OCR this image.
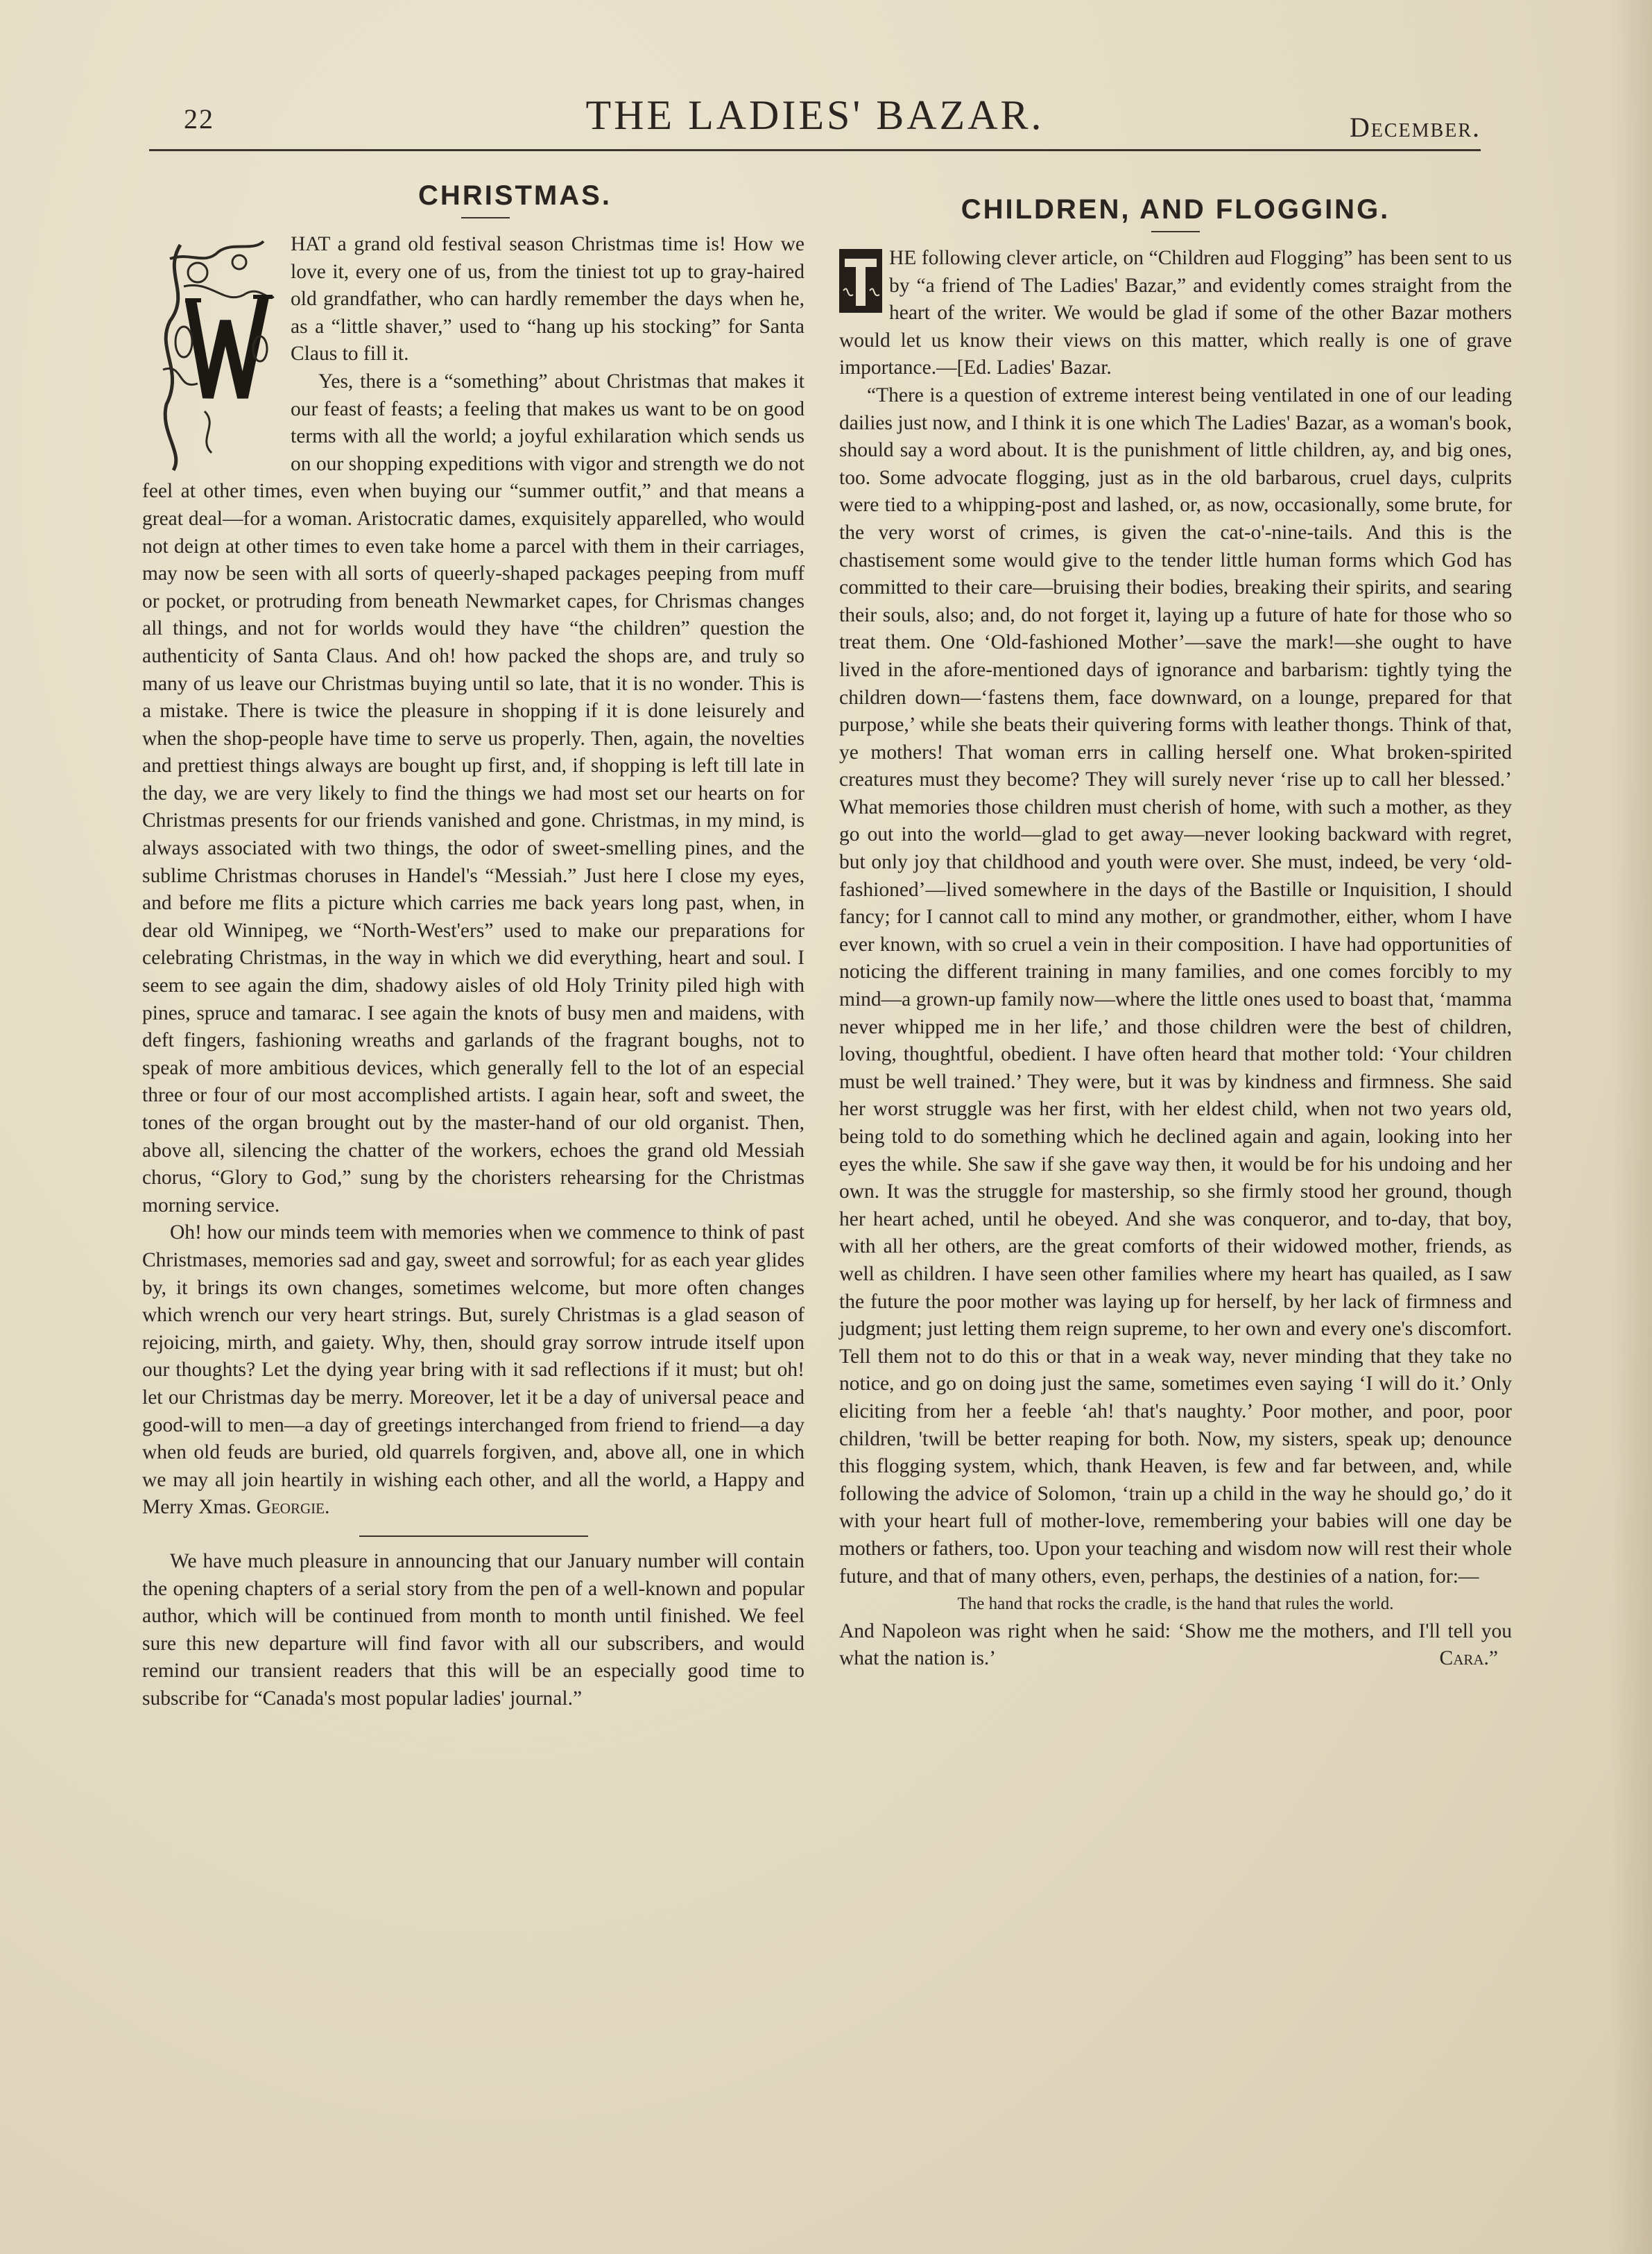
22	THE LADIES' BAZAR.	December.
CHRISTMAS.

HAT a grand old festival season Christmas time is! How we love it, every one of us, from the tiniest tot up to gray-haired old grandfather, who can hardly remember the days when he, as a “little shaver,” used to “hang up his stocking” for Santa Claus to fill it.

Yes, there is a “something” about Christmas that makes it our feast of feasts; a feeling that makes us want to be on good terms with all the world; a joyful exhilaration which sends us on our shopping expeditions with vigor and strength we do not feel at other times, even when buying our “summer outfit,” and that means a great deal—for a woman. Aristocratic dames, exquisitely apparelled, who would not deign at other times to even take home a parcel with them in their carriages, may now be seen with all sorts of queerly-shaped packages peeping from muff or pocket, or protruding from beneath Newmarket capes, for Chrismas changes all things, and not for worlds would they have “the children” question the authenticity of Santa Claus. And oh! how packed the shops are, and truly so many of us leave our Christmas buying until so late, that it is no wonder. This is a mistake. There is twice the pleasure in shopping if it is done leisurely and when the shop-people have time to serve us properly. Then, again, the novelties and prettiest things always are bought up first, and, if shopping is left till late in the day, we are very likely to find the things we had most set our hearts on for Christmas presents for our friends vanished and gone. Christmas, in my mind, is always associated with two things, the odor of sweet-smelling pines, and the sublime Christmas choruses in Handel's “Messiah.” Just here I close my eyes, and before me flits a picture which carries me back years long past, when, in dear old Winnipeg, we “North-West'ers” used to make our preparations for celebrating Christmas, in the way in which we did everything, heart and soul. I seem to see again the dim, shadowy aisles of old Holy Trinity piled high with pines, spruce and tamarac. I see again the knots of busy men and maidens, with deft fingers, fashioning wreaths and garlands of the fragrant boughs, not to speak of more ambitious devices, which generally fell to the lot of an especial three or four of our most accomplished artists. I again hear, soft and sweet, the tones of the organ brought out by the master-hand of our old organist. Then, above all, silencing the chatter of the workers, echoes the grand old Messiah chorus, “Glory to God,” sung by the choristers rehearsing for the Christmas morning service.

Oh! how our minds teem with memories when we commence to think of past Christmases, memories sad and gay, sweet and sorrowful; for as each year glides by, it brings its own changes, sometimes welcome, but more often changes which wrench our very heart strings. But, surely Christmas is a glad season of rejoicing, mirth, and gaiety. Why, then, should gray sorrow intrude itself upon our thoughts? Let the dying year bring with it sad reflections if it must; but oh! let our Christmas day be merry. Moreover, let it be a day of universal peace and good-will to men—a day of greetings interchanged from friend to friend—a day when old feuds are buried, old quarrels forgiven, and, above all, one in which we may all join heartily in wishing each other, and all the world, a Happy and Merry Xmas. Georgie.

We have much pleasure in announcing that our January number will contain the opening chapters of a serial story from the pen of a well-known and popular author, which will be continued from month to month until finished. We feel sure this new departure will find favor with all our subscribers, and would remind our transient readers that this will be an especially good time to subscribe for “Canada's most popular ladies' journal.”

CHILDREN, AND FLOGGING.

HE following clever article, on “Children aud Flogging” has been sent to us by “a friend of The Ladies' Bazar,” and evidently comes straight from the heart of the writer. We would be glad if some of the other Bazar mothers would let us know their views on this matter, which really is one of grave importance.—[Ed. Ladies' Bazar.

“There is a question of extreme interest being ventilated in one of our leading dailies just now, and I think it is one which The Ladies' Bazar, as a woman's book, should say a word about. It is the punishment of little children, ay, and big ones, too. Some advocate flogging, just as in the old barbarous, cruel days, culprits were tied to a whipping-post and lashed, or, as now, occasionally, some brute, for the very worst of crimes, is given the cat-o'-nine-tails. And this is the chastisement some would give to the tender little human forms which God has committed to their care—bruising their bodies, breaking their spirits, and searing their souls, also; and, do not forget it, laying up a future of hate for those who so treat them. One ‘Old-fashioned Mother’—save the mark!—she ought to have lived in the afore-mentioned days of ignorance and barbarism: tightly tying the children down—‘fastens them, face downward, on a lounge, prepared for that purpose,’ while she beats their quivering forms with leather thongs. Think of that, ye mothers! That woman errs in calling herself one. What broken-spirited creatures must they become? They will surely never ‘rise up to call her blessed.’ What memories those children must cherish of home, with such a mother, as they go out into the world—glad to get away—never looking backward with regret, but only joy that childhood and youth were over. She must, indeed, be very ‘old-fashioned’—lived somewhere in the days of the Bastille or Inquisition, I should fancy; for I cannot call to mind any mother, or grandmother, either, whom I have ever known, with so cruel a vein in their composition. I have had opportunities of noticing the different training in many families, and one comes forcibly to my mind—a grown-up family now—where the little ones used to boast that, ‘mamma never whipped me in her life,’ and those children were the best of children, loving, thoughtful, obedient. I have often heard that mother told: ‘Your children must be well trained.’ They were, but it was by kindness and firmness. She said her worst struggle was her first, with her eldest child, when not two years old, being told to do something which he declined again and again, looking into her eyes the while. She saw if she gave way then, it would be for his undoing and her own. It was the struggle for mastership, so she firmly stood her ground, though her heart ached, until he obeyed. And she was conqueror, and to-day, that boy, with all her others, are the great comforts of their widowed mother, friends, as well as children. I have seen other families where my heart has quailed, as I saw the future the poor mother was laying up for herself, by her lack of firmness and judgment; just letting them reign supreme, to her own and every one's discomfort. Tell them not to do this or that in a weak way, never minding that they take no notice, and go on doing just the same, sometimes even saying ‘I will do it.’ Only eliciting from her a feeble ‘ah! that's naughty.’ Poor mother, and poor, poor children, 'twill be better reaping for both. Now, my sisters, speak up; denounce this flogging system, which, thank Heaven, is few and far between, and, while following the advice of Solomon, ‘train up a child in the way he should go,’ do it with your heart full of mother-love, remembering your babies will one day be mothers or fathers, too. Upon your teaching and wisdom now will rest their whole future, and that of many others, even, perhaps, the destinies of a nation, for:—

The hand that rocks the cradle, is the hand that rules the world.

And Napoleon was right when he said: ‘Show me the mothers, and I'll tell you what the nation is.’	Cara.”
